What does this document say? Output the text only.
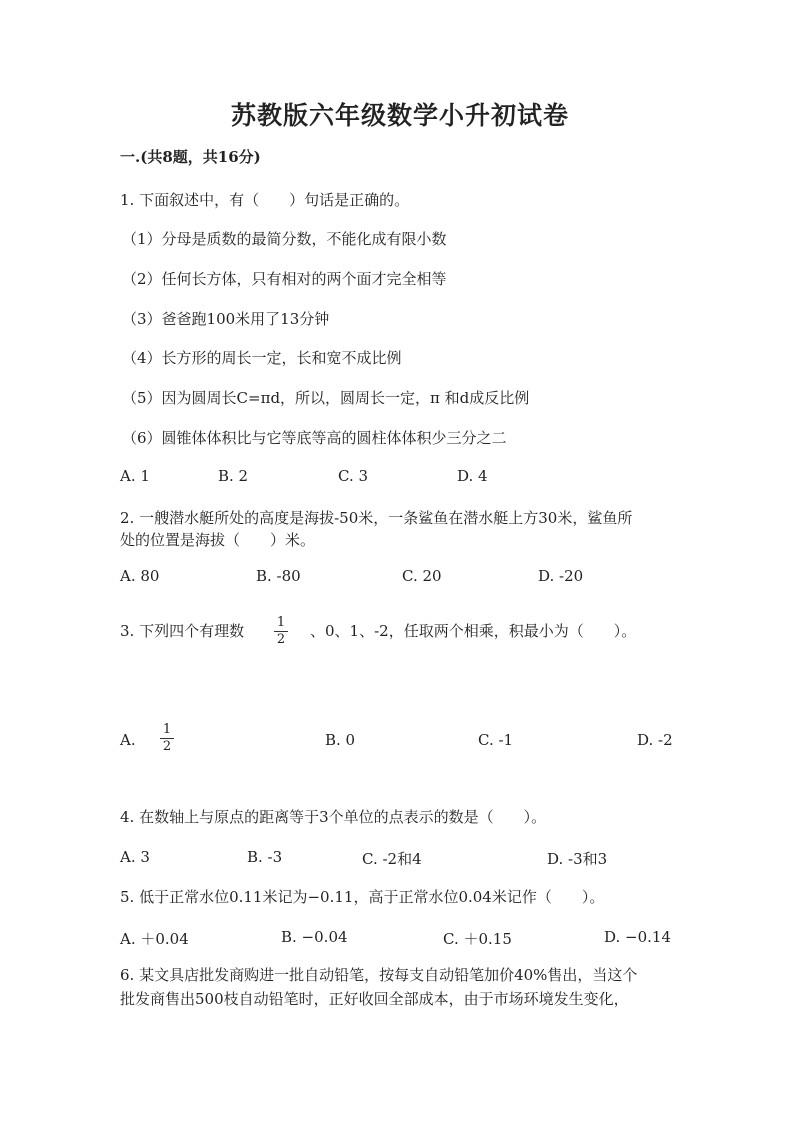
苏教版六年级数学小升初试卷
一.(共8题，共16分)
1. 下面叙述中，有（　　）句话是正确的。
（1）分母是质数的最简分数，不能化成有限小数
（2）任何长方体，只有相对的两个面才完全相等
（3）爸爸跑100米用了13分钟
（4）长方形的周长一定，长和宽不成比例
（5）因为圆周长C=πd，所以，圆周长一定，π 和d成反比例
（6）圆锥体体积比与它等底等高的圆柱体体积少三分之二
A. 1	B. 2	C. 3	D. 4
2. 一艘潜水艇所处的高度是海拔-50米，一条鲨鱼在潜水艇上方30米，鲨鱼所
处的位置是海拔（　　）米。
A. 80	B. -80	C. 20	D. -20
3. 下列四个有理数	1
2 、0、1、-2，任取两个相乘，积最小为（　　）。
A.
1
2	B. 0	C. -1	D. -2
4. 在数轴上与原点的距离等于3个单位的点表示的数是（　　）。
A. 3	B. -3	C. -2和4	D. -3和3
5. 低于正常水位0.11米记为−0.11，高于正常水位0.04米记作（　　）。
A. ＋0.04	B. −0.04	C. ＋0.15	D. −0.14
6. 某文具店批发商购进一批自动铅笔，按每支自动铅笔加价40%售出，当这个
批发商售出500枝自动铅笔时，正好收回全部成本，由于市场环境发生变化，
